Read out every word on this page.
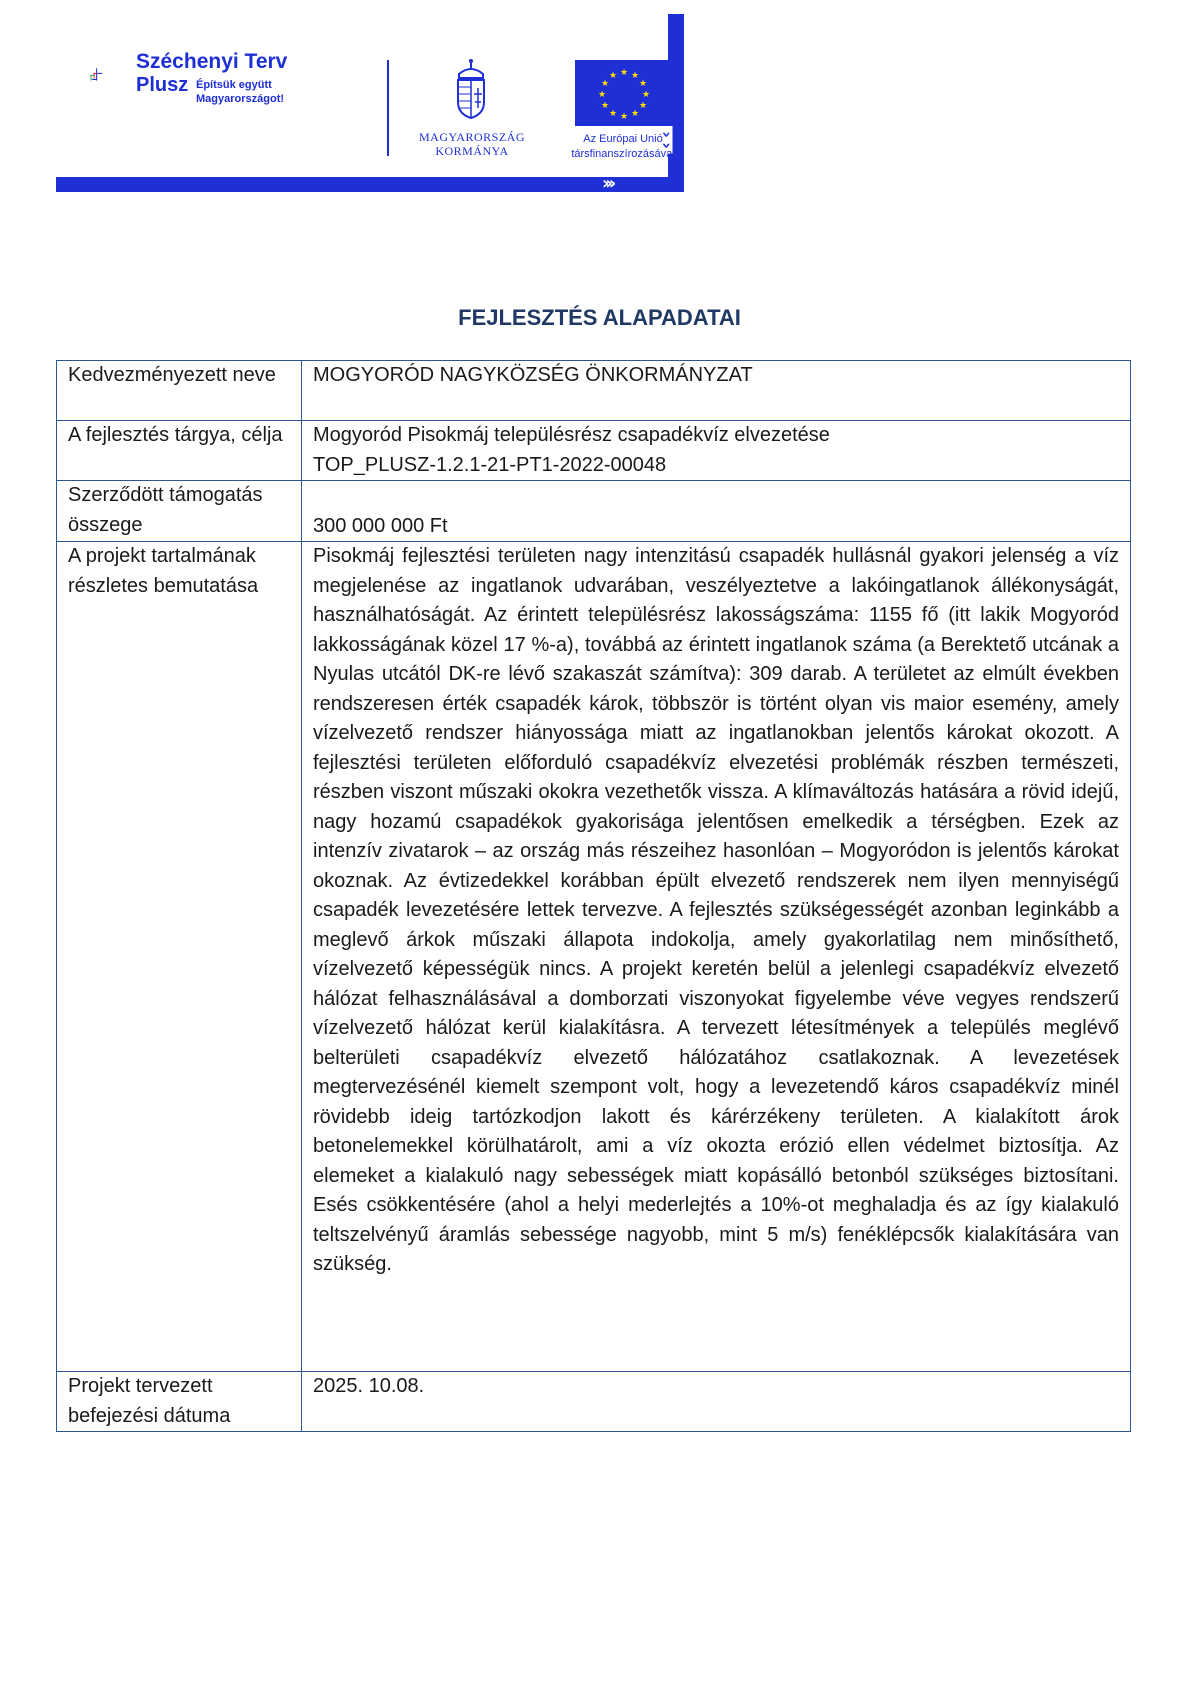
›››
›
›
Széchenyi Terv
Plusz Építsük együtt
Magyarországot!
MAGYARORSZÁG
KORMÁNYA
★ ★
★
★
★
★
★
★
★
★
★
★
Az Európai Unió
társfinanszírozásával
FEJLESZTÉS ALAPADATAI
Kedvezményezett neve	MOGYORÓD NAGYKÖZSÉG ÖNKORMÁNYZAT
A fejlesztés tárgya, célja	Mogyoród Pisokmáj településrész csapadékvíz elvezetése
TOP_PLUSZ-1.2.1-21-PT1-2022-00048

Szerződött támogatás összege	300 000 000 Ft
A projekt tartalmának részletes bemutatása	Pisokmáj fejlesztési területen nagy intenzitású csapadék hullásnál gyakori jelenség a víz megjelenése az ingatlanok udvarában, veszélyeztetve a lakóingatlanok állékonyságát, használhatóságát. Az érintett településrész lakosságszáma: 1155 fő (itt lakik Mogyoród lakkosságának közel 17 %-a), továbbá az érintett ingatlanok száma (a Berektető utcának a Nyulas utcától DK-re lévő szakaszát számítva): 309 darab. A területet az elmúlt években rendszeresen érték csapadék károk, többször is történt olyan vis maior esemény, amely vízelvezető rendszer hiányossága miatt az ingatlanokban jelentős károkat okozott. A fejlesztési területen előforduló csapadékvíz elvezetési problémák részben természeti, részben viszont műszaki okokra vezethetők vissza. A klímaváltozás hatására a rövid idejű, nagy hozamú csapadékok gyakorisága jelentősen emelkedik a térségben. Ezek az intenzív zivatarok – az ország más részeihez hasonlóan – Mogyoródon is jelentős károkat okoznak. Az évtizedekkel korábban épült elvezető rendszerek nem ilyen mennyiségű csapadék levezetésére lettek tervezve. A fejlesztés szükségességét azonban leginkább a meglevő árkok műszaki állapota indokolja, amely gyakorlatilag nem minősíthető, vízelvezető képességük nincs. A projekt keretén belül a jelenlegi csapadékvíz elvezető hálózat felhasználásával a domborzati viszonyokat figyelembe véve vegyes rendszerű vízelvezető hálózat kerül kialakításra. A tervezett létesítmények a település meglévő belterületi csapadékvíz elvezető hálózatához csatlakoznak. A levezetések megtervezésénél kiemelt szempont volt, hogy a levezetendő káros csapadékvíz minél rövidebb ideig tartózkodjon lakott és kárérzékeny területen. A kialakított árok betonelemekkel körülhatárolt, ami a víz okozta erózió ellen védelmet biztosítja. Az elemeket a kialakuló nagy sebességek miatt kopásálló betonból szükséges biztosítani. Esés csökkentésére (ahol a helyi mederlejtés a 10%-ot meghaladja és az így kialakuló teltszelvényű áramlás sebessége nagyobb, mint 5 m/s) fenéklépcsők kialakítására van szükség.

Projekt tervezett befejezési dátuma	2025. 10.08.
